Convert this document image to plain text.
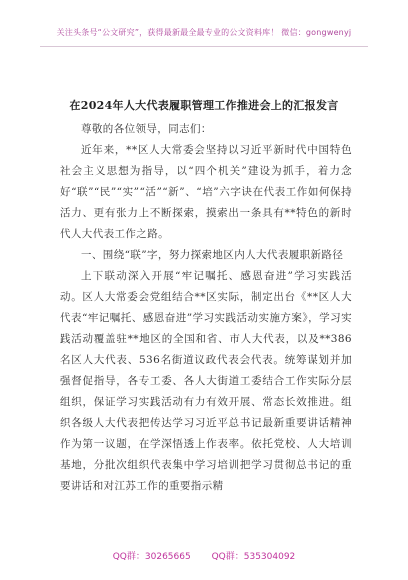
关注头条号“公文研究”，获得最新最全最专业的公文资料库！ 微信：gongwenyj
在2024年人大代表履职管理工作推进会上的汇报发言

尊敬的各位领导，同志们：

近年来，**区人大常委会坚持以习近平新时代中国特色社会主义思想为指导，以“四个机关”建设为抓手，着力念好“联”“民”“实”“活”“新”、“培”六字诀在代表工作如何保持活力、更有张力上不断探索，摸索出一条具有**特色的新时代人大代表工作之路。

一、围绕“联”字，努力探索地区内人大代表履职新路径

上下联动深入开展“牢记嘱托、感恩奋进”学习实践活动。区人大常委会党组结合**区实际，制定出台《**区人大代表“牢记嘱托、感恩奋进”学习实践活动实施方案》，学习实践活动覆盖驻**地区的全国和省、市人大代表，以及**386名区人大代表、536名街道议政代表会代表。统筹谋划并加强督促指导，各专工委、各人大街道工委结合工作实际分层组织，保证学习实践活动有力有效开展、常态长效推进。组织各级人大代表把传达学习习近平总书记最新重要讲话精神作为第一议题，在学深悟透上作表率。依托党校、人大培训基地，分批次组织代表集中学习培训把学习贯彻总书记的重要讲话和对江苏工作的重要指示精

QQ群：30265665 QQ群：535304092
